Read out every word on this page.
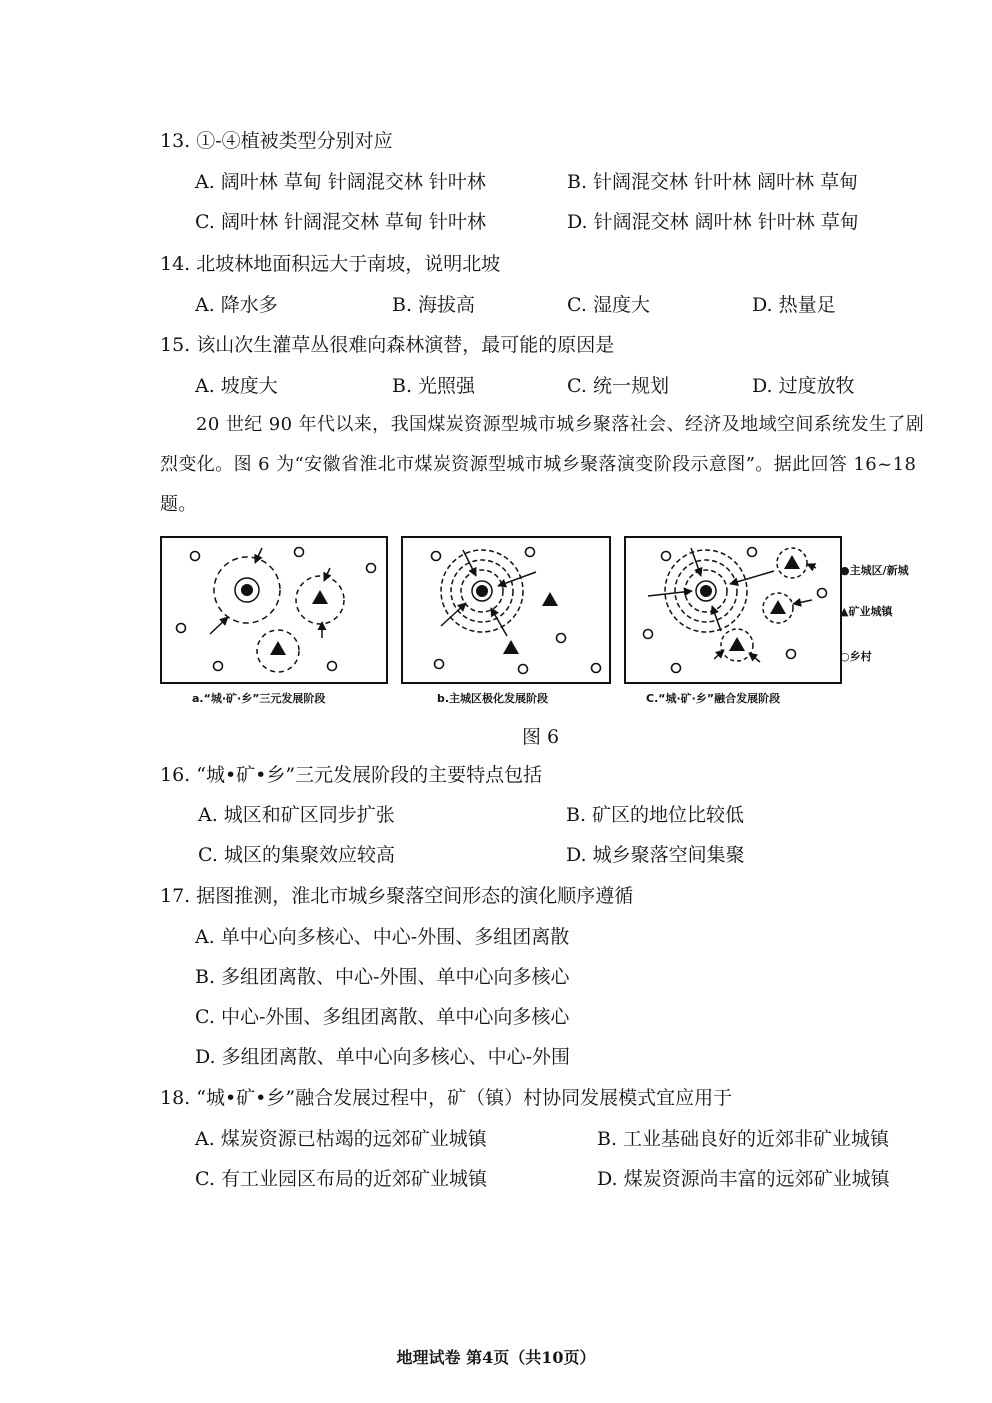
13. ①-④植被类型分别对应
A. 阔叶林 草甸 针阔混交林 针叶林	B. 针阔混交林 针叶林 阔叶林 草甸
C. 阔叶林 针阔混交林 草甸 针叶林	D. 针阔混交林 阔叶林 针叶林 草甸
14. 北坡林地面积远大于南坡，说明北坡
A. 降水多	B. 海拔高	C. 湿度大	D. 热量足
15. 该山次生灌草丛很难向森林演替，最可能的原因是
A. 坡度大	B. 光照强	C. 统一规划	D. 过度放牧
20 世纪 90 年代以来，我国煤炭资源型城市城乡聚落社会、经济及地域空间系统发生了剧烈变化。图 6 为“安徽省淮北市煤炭资源型城市城乡聚落演变阶段示意图”。据此回答 16~18 题。
●主城区/新城
▲矿业城镇
○乡村
a.“城·矿·乡”三元发展阶段	b.主城区极化发展阶段	C.“城·矿·乡”融合发展阶段
图 6
16. “城•矿•乡”三元发展阶段的主要特点包括
A. 城区和矿区同步扩张	B. 矿区的地位比较低
C. 城区的集聚效应较高	D. 城乡聚落空间集聚
17. 据图推测，淮北市城乡聚落空间形态的演化顺序遵循
A. 单中心向多核心、中心-外围、多组团离散
B. 多组团离散、中心-外围、单中心向多核心
C. 中心-外围、多组团离散、单中心向多核心
D. 多组团离散、单中心向多核心、中心-外围
18. “城•矿•乡”融合发展过程中，矿（镇）村协同发展模式宜应用于
A. 煤炭资源已枯竭的远郊矿业城镇	B. 工业基础良好的近郊非矿业城镇
C. 有工业园区布局的近郊矿业城镇	D. 煤炭资源尚丰富的远郊矿业城镇
地理试卷 第4页（共10页）
